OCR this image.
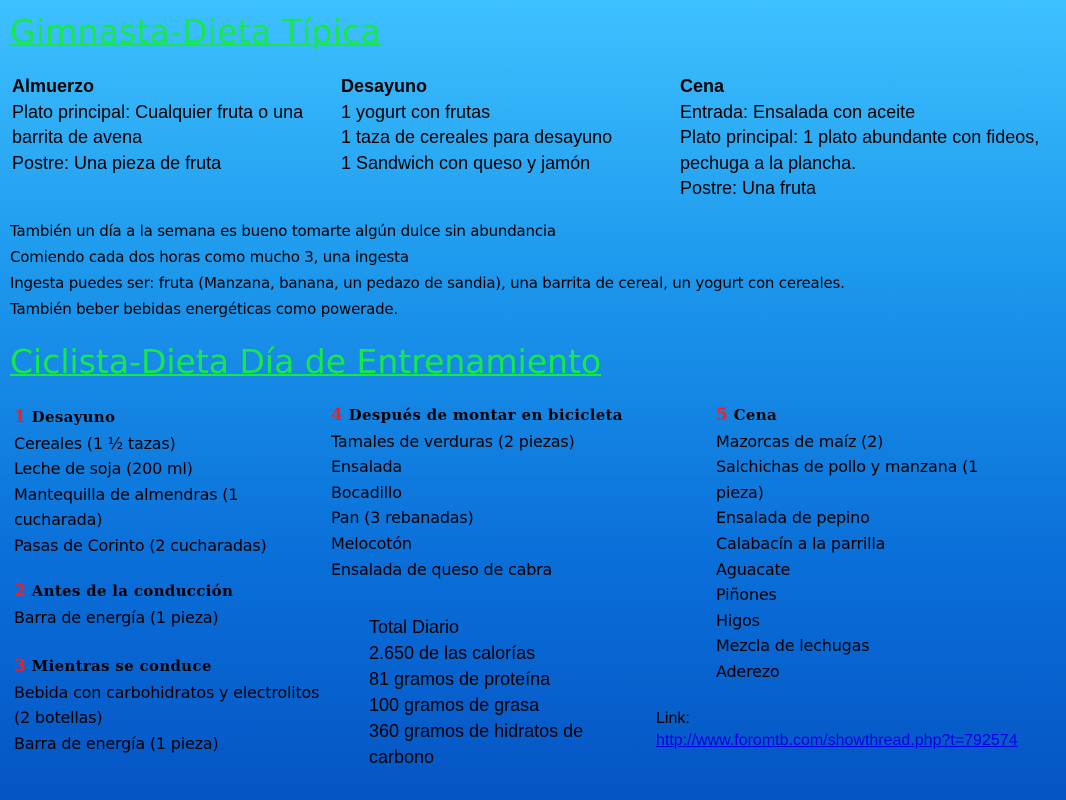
Gimnasta-Dieta Típica
Almuerzo
Plato principal: Cualquier fruta o una barrita de avena
Postre: Una pieza de fruta
Desayuno
1 yogurt con frutas
1 taza de cereales para desayuno
1 Sandwich con queso y jamón
Cena
Entrada: Ensalada con aceite
Plato principal: 1 plato abundante con fideos, pechuga a la plancha.
Postre: Una fruta
También un día a la semana es bueno tomarte algún dulce sin abundancia
Comiendo cada dos horas como mucho 3, una ingesta
Ingesta puedes ser: fruta (Manzana, banana, un pedazo de sandia), una barrita de cereal, un yogurt con cereales.
También beber bebidas energéticas como powerade.
Ciclista-Dieta Día de Entrenamiento
1 Desayuno
Cereales (1 ½ tazas)
Leche de soja (200 ml)
Mantequilla de almendras (1 cucharada)
Pasas de Corinto (2 cucharadas)
2 Antes de la conducción
Barra de energía (1 pieza)
3 Mientras se conduce
Bebida con carbohidratos y electrolitos (2 botellas)
Barra de energía (1 pieza)
4 Después de montar en bicicleta
Tamales de verduras (2 piezas)
Ensalada
Bocadillo
Pan (3 rebanadas)
Melocotón
Ensalada de queso de cabra
5 Cena
Mazorcas de maíz (2)
Salchichas de pollo y manzana (1 pieza)
Ensalada de pepino
Calabacín a la parrilla
Aguacate
Piñones
Higos
Mezcla de lechugas
Aderezo
Total Diario
2.650 de las calorías
81 gramos de proteína
100 gramos de grasa
360 gramos de hidratos de carbono
Link:
http://www.foromtb.com/showthread.php?t=792574
